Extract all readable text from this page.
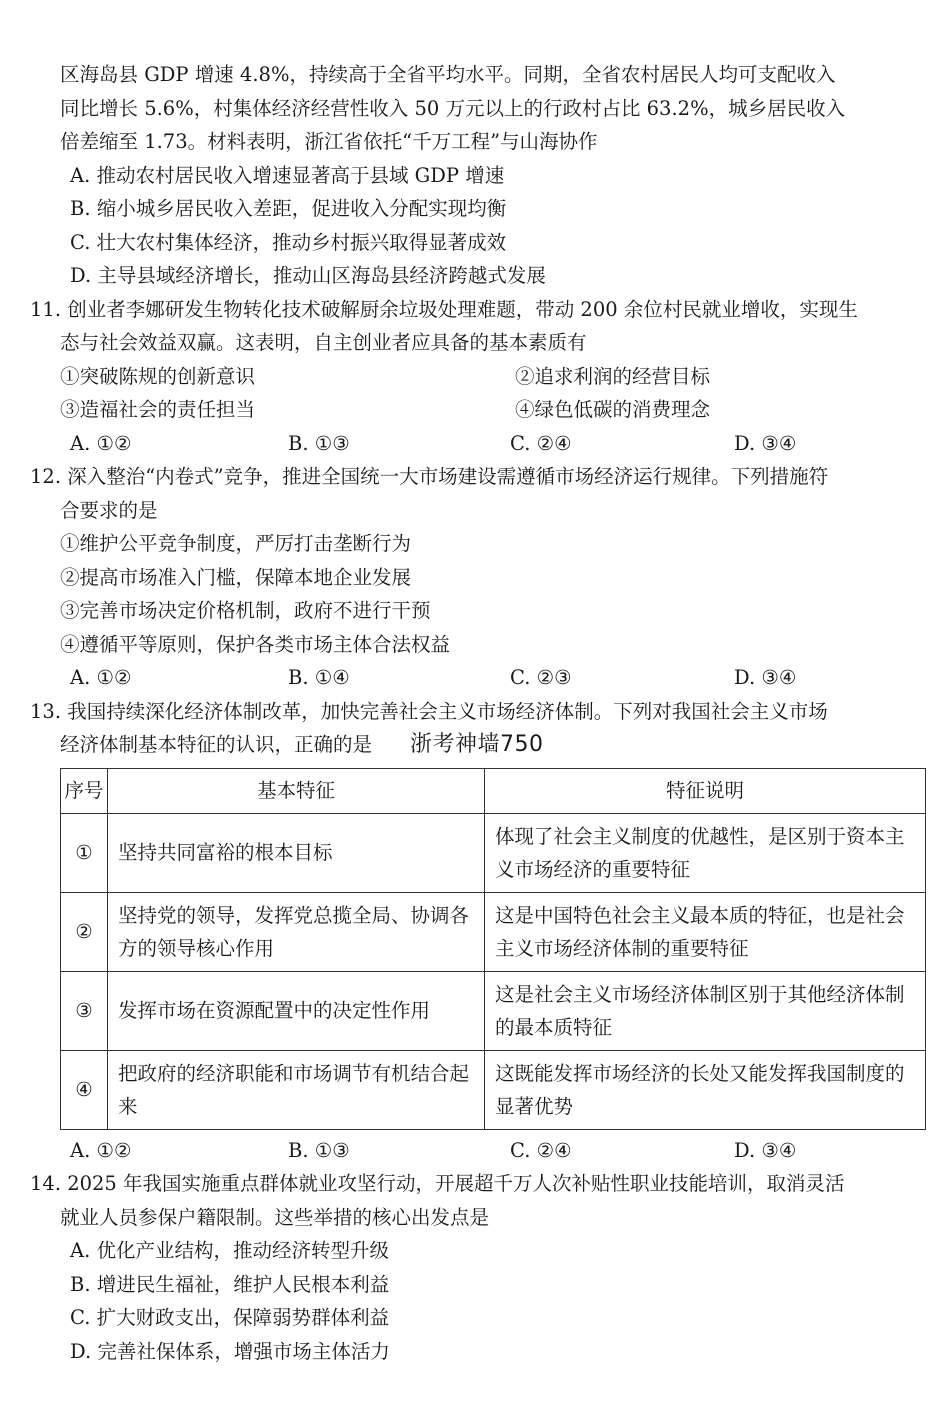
区海岛县 GDP 增速 4.8%，持续高于全省平均水平。同期，全省农村居民人均可支配收入

同比增长 5.6%，村集体经济经营性收入 50 万元以上的行政村占比 63.2%，城乡居民收入

倍差缩至 1.73。材料表明，浙江省依托“千万工程”与山海协作

A. 推动农村居民收入增速显著高于县域 GDP 增速

B. 缩小城乡居民收入差距，促进收入分配实现均衡

C. 壮大农村集体经济，推动乡村振兴取得显著成效

D. 主导县域经济增长，推动山区海岛县经济跨越式发展

11. 创业者李娜研发生物转化技术破解厨余垃圾处理难题，带动 200 余位村民就业增收，实现生
态与社会效益双赢。这表明，自主创业者应具备的基本素质有
①突破陈规的创新意识	②追求利润的经营目标
③造福社会的责任担当	④绿色低碳的消费理念
A. ①②	B. ①③	C. ②④	D. ③④
12. 深入整治“内卷式”竞争，推进全国统一大市场建设需遵循市场经济运行规律。下列措施符
合要求的是
①维护公平竞争制度，严厉打击垄断行为
②提高市场准入门槛，保障本地企业发展
③完善市场决定价格机制，政府不进行干预
④遵循平等原则，保护各类市场主体合法权益
A. ①②	B. ①④	C. ②③	D. ③④
13. 我国持续深化经济体制改革，加快完善社会主义市场经济体制。下列对我国社会主义市场
经济体制基本特征的认识，正确的是 浙考神墙750
序号	基本特征	特征说明
①	坚持共同富裕的根本目标	体现了社会主义制度的优越性，是区别于资本主义市场经济的重要特征
②	坚持党的领导，发挥党总揽全局、协调各方的领导核心作用	这是中国特色社会主义最本质的特征，也是社会主义市场经济体制的重要特征
③	发挥市场在资源配置中的决定性作用	这是社会主义市场经济体制区别于其他经济体制的最本质特征
④	把政府的经济职能和市场调节有机结合起来	这既能发挥市场经济的长处又能发挥我国制度的显著优势
A. ①②	B. ①③	C. ②④	D. ③④
14. 2025 年我国实施重点群体就业攻坚行动，开展超千万人次补贴性职业技能培训，取消灵活
就业人员参保户籍限制。这些举措的核心出发点是

A. 优化产业结构，推动经济转型升级

B. 增进民生福祉，维护人民根本利益

C. 扩大财政支出，保障弱势群体利益

D. 完善社保体系，增强市场主体活力
